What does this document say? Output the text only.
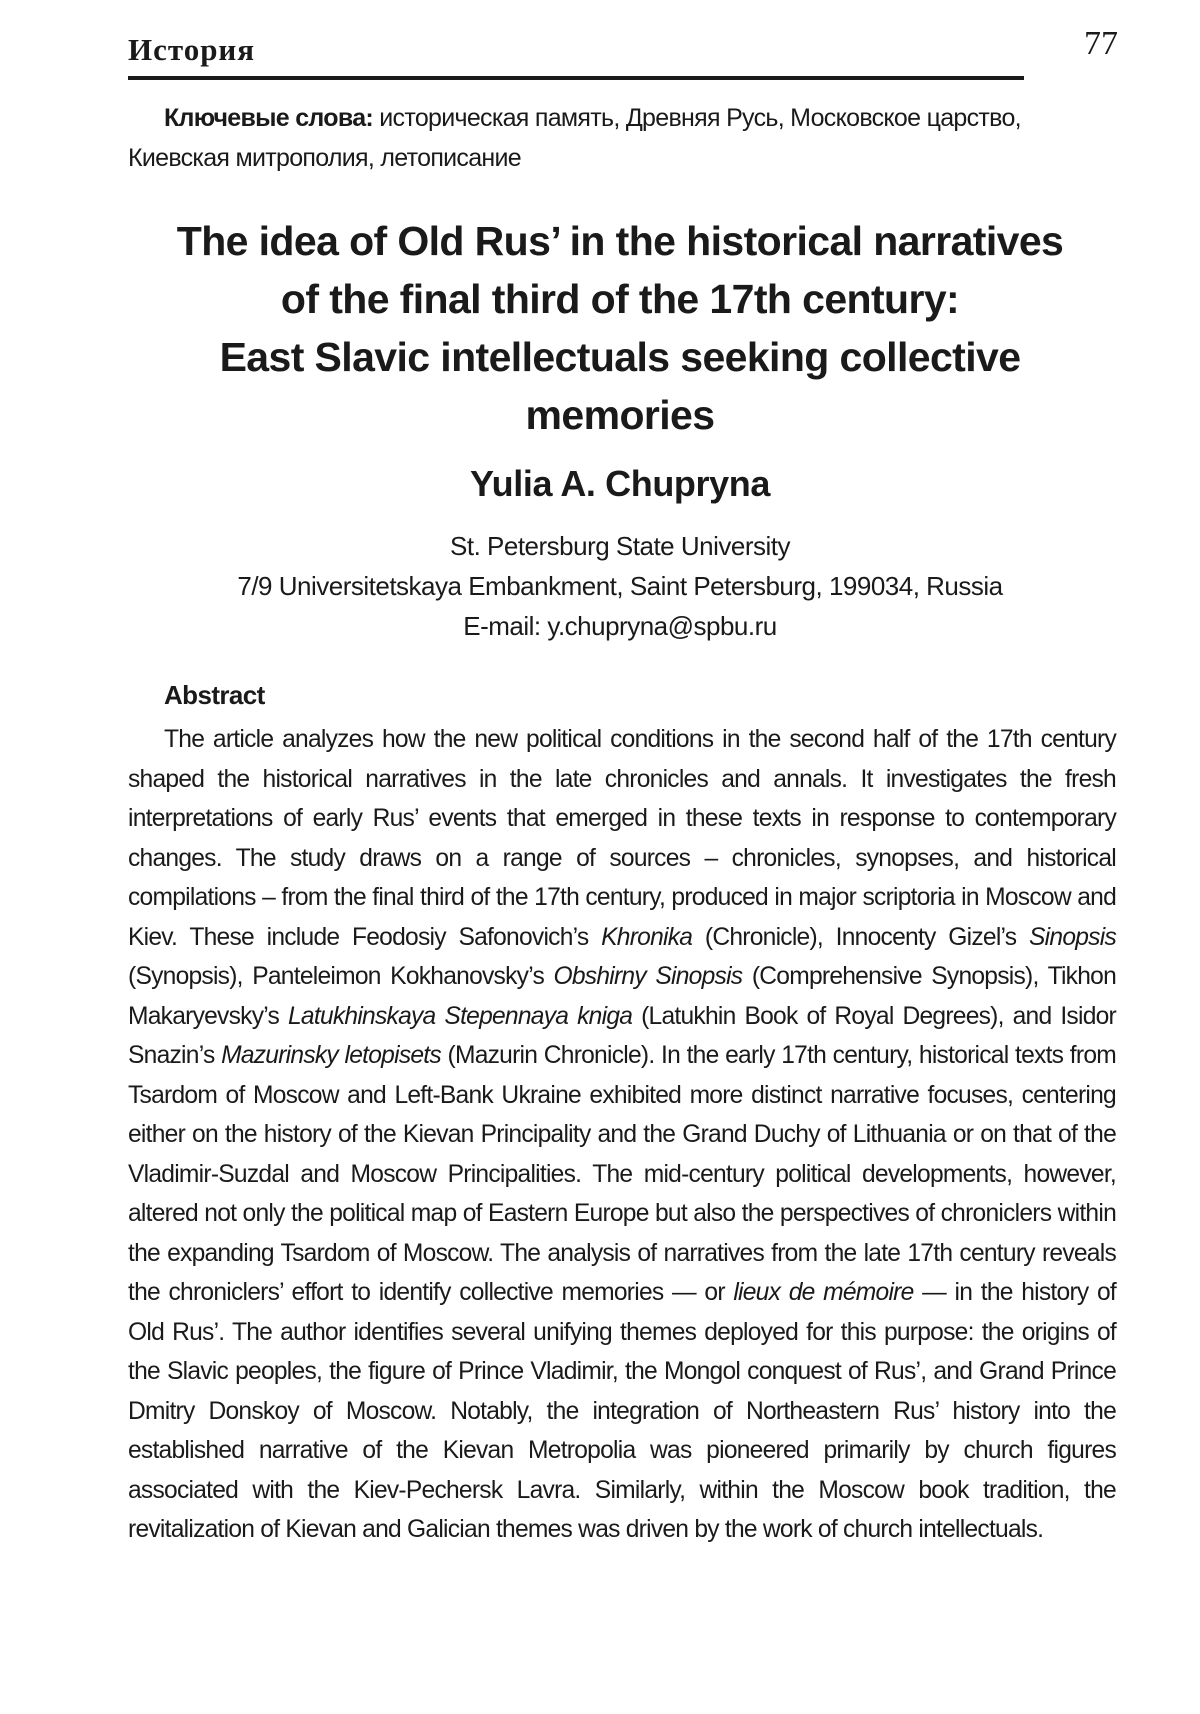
История	77
Ключевые слова: историческая память, Древняя Русь, Московское царство, Киевская митрополия, летописание
The idea of Old Rus’ in the historical narratives
of the final third of the 17th century:
East Slavic intellectuals seeking collective
memories
Yulia A. Chupryna
St. Petersburg State University
7/9 Universitetskaya Embankment, Saint Petersburg, 199034, Russia
E-mail: y.chupryna@spbu.ru
Abstract
The article analyzes how the new political conditions in the second half of the 17th century shaped the historical narratives in the late chronicles and annals. It investigates the fresh interpretations of early Rus’ events that emerged in these texts in response to contemporary changes. The study draws on a range of sources – chronicles, synopses, and historical compilations – from the final third of the 17th century, produced in major scriptoria in Moscow and Kiev. These include Feodosiy Safonovich’s Khronika (Chronicle), Innocenty Gizel’s Sinopsis (Synopsis), Panteleimon Kokhanovsky’s Obshirny Sinopsis (Comprehensive Synopsis), Tikhon Makaryevsky’s Latukhinskaya Stepennaya kniga (Latukhin Book of Royal Degrees), and Isidor Snazin’s Mazurinsky letopisets (Mazurin Chronicle). In the early 17th century, historical texts from Tsardom of Moscow and Left-Bank Ukraine exhibited more distinct narrative focuses, centering either on the history of the Kievan Principality and the Grand Duchy of Lithuania or on that of the Vladimir-Suzdal and Moscow Principalities. The mid-century political developments, however, altered not only the political map of Eastern Europe but also the perspectives of chroniclers within the expanding Tsardom of Moscow. The analysis of narratives from the late 17th century reveals the chroniclers’ effort to identify collective memories — or lieux de mémoire — in the history of Old Rus’. The author identifies several unifying themes deployed for this purpose: the origins of the Slavic peoples, the figure of Prince Vladimir, the Mongol conquest of Rus’, and Grand Prince Dmitry Donskoy of Moscow. Notably, the integration of Northeastern Rus’ history into the established narrative of the Kievan Metropolia was pioneered primarily by church figures associated with the Kiev-Pechersk Lavra. Similarly, within the Moscow book tradition, the revitalization of Kievan and Galician themes was driven by the work of church intellectuals.
